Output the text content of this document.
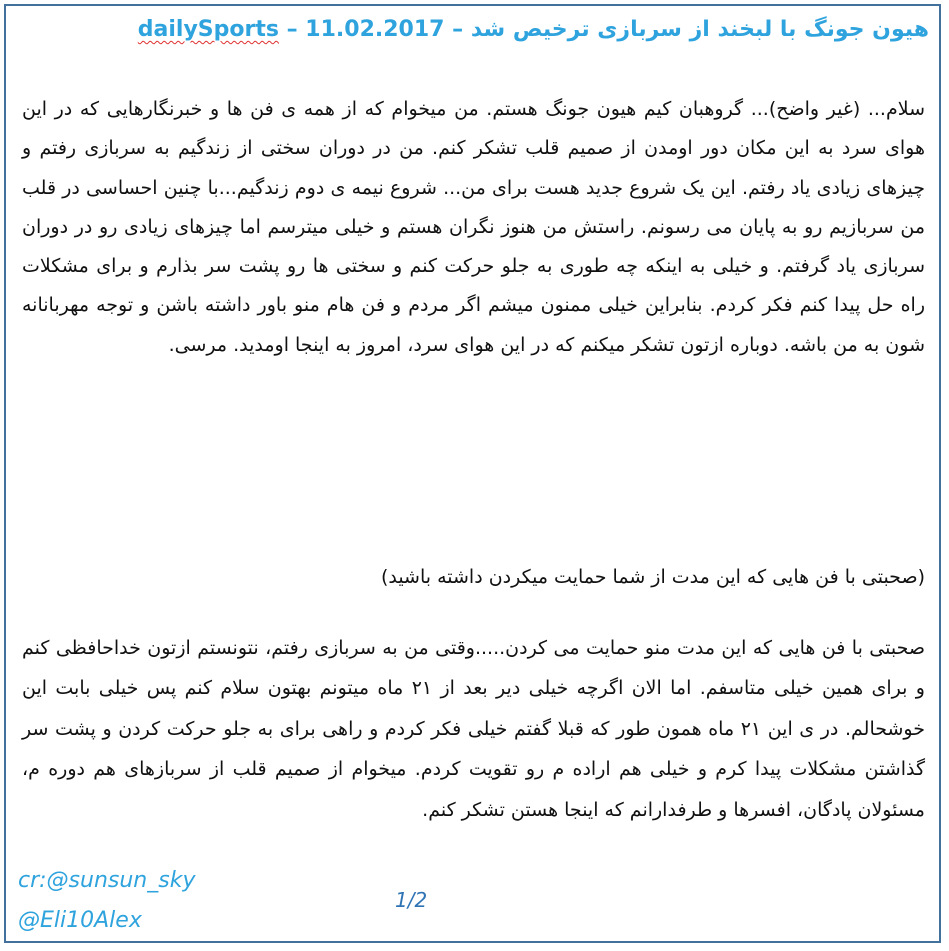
هیون جونگ با لبخند از سربازی ترخیص شد – dailySports – 11.02.2017
سلام... (غیر واضح)... گروهبان کیم هیون جونگ هستم. من میخوام که از همه ی فن ها و خبرنگارهایی که در این هوای سرد به این مکان دور اومدن از صمیم قلب تشکر کنم. من در دوران سختی از زندگیم به سربازی رفتم و چیزهای زیادی یاد رفتم. این یک شروع جدید هست برای من... شروع نیمه ی دوم زندگیم...با چنین احساسی در قلب من سربازیم رو به پایان می رسونم. راستش من هنوز نگران هستم و خیلی میترسم اما چیزهای زیادی رو در دوران سربازی یاد گرفتم. و خیلی به اینکه چه طوری به جلو حرکت کنم و سختی ها رو پشت سر بذارم و برای مشکلات راه حل پیدا کنم فکر کردم. بنابراین خیلی ممنون میشم اگر مردم و فن هام منو باور داشته باشن و توجه مهربانانه شون به من باشه. دوباره ازتون تشکر میکنم که در این هوای سرد، امروز به اینجا اومدید. مرسی.
(صحبتی با فن هایی که این مدت از شما حمایت میکردن داشته باشید)
صحبتی با فن هایی که این مدت منو حمایت می کردن.....وقتی من به سربازی رفتم، نتونستم ازتون خداحافظی کنم و برای همین خیلی متاسفم. اما الان اگرچه خیلی دیر بعد از ۲۱ ماه میتونم بهتون سلام کنم پس خیلی بابت این خوشحالم. در ی این ۲۱ ماه همون طور که قبلا گفتم خیلی فکر کردم و راهی برای به جلو حرکت کردن و پشت سر گذاشتن مشکلات پیدا کرم و خیلی هم اراده م رو تقویت کردم. میخوام از صمیم قلب از سربازهای هم دوره م، مسئولان پادگان، افسرها و طرفدارانم که اینجا هستن تشکر کنم.
cr:@sunsun_sky
@Eli10Alex
1/2
